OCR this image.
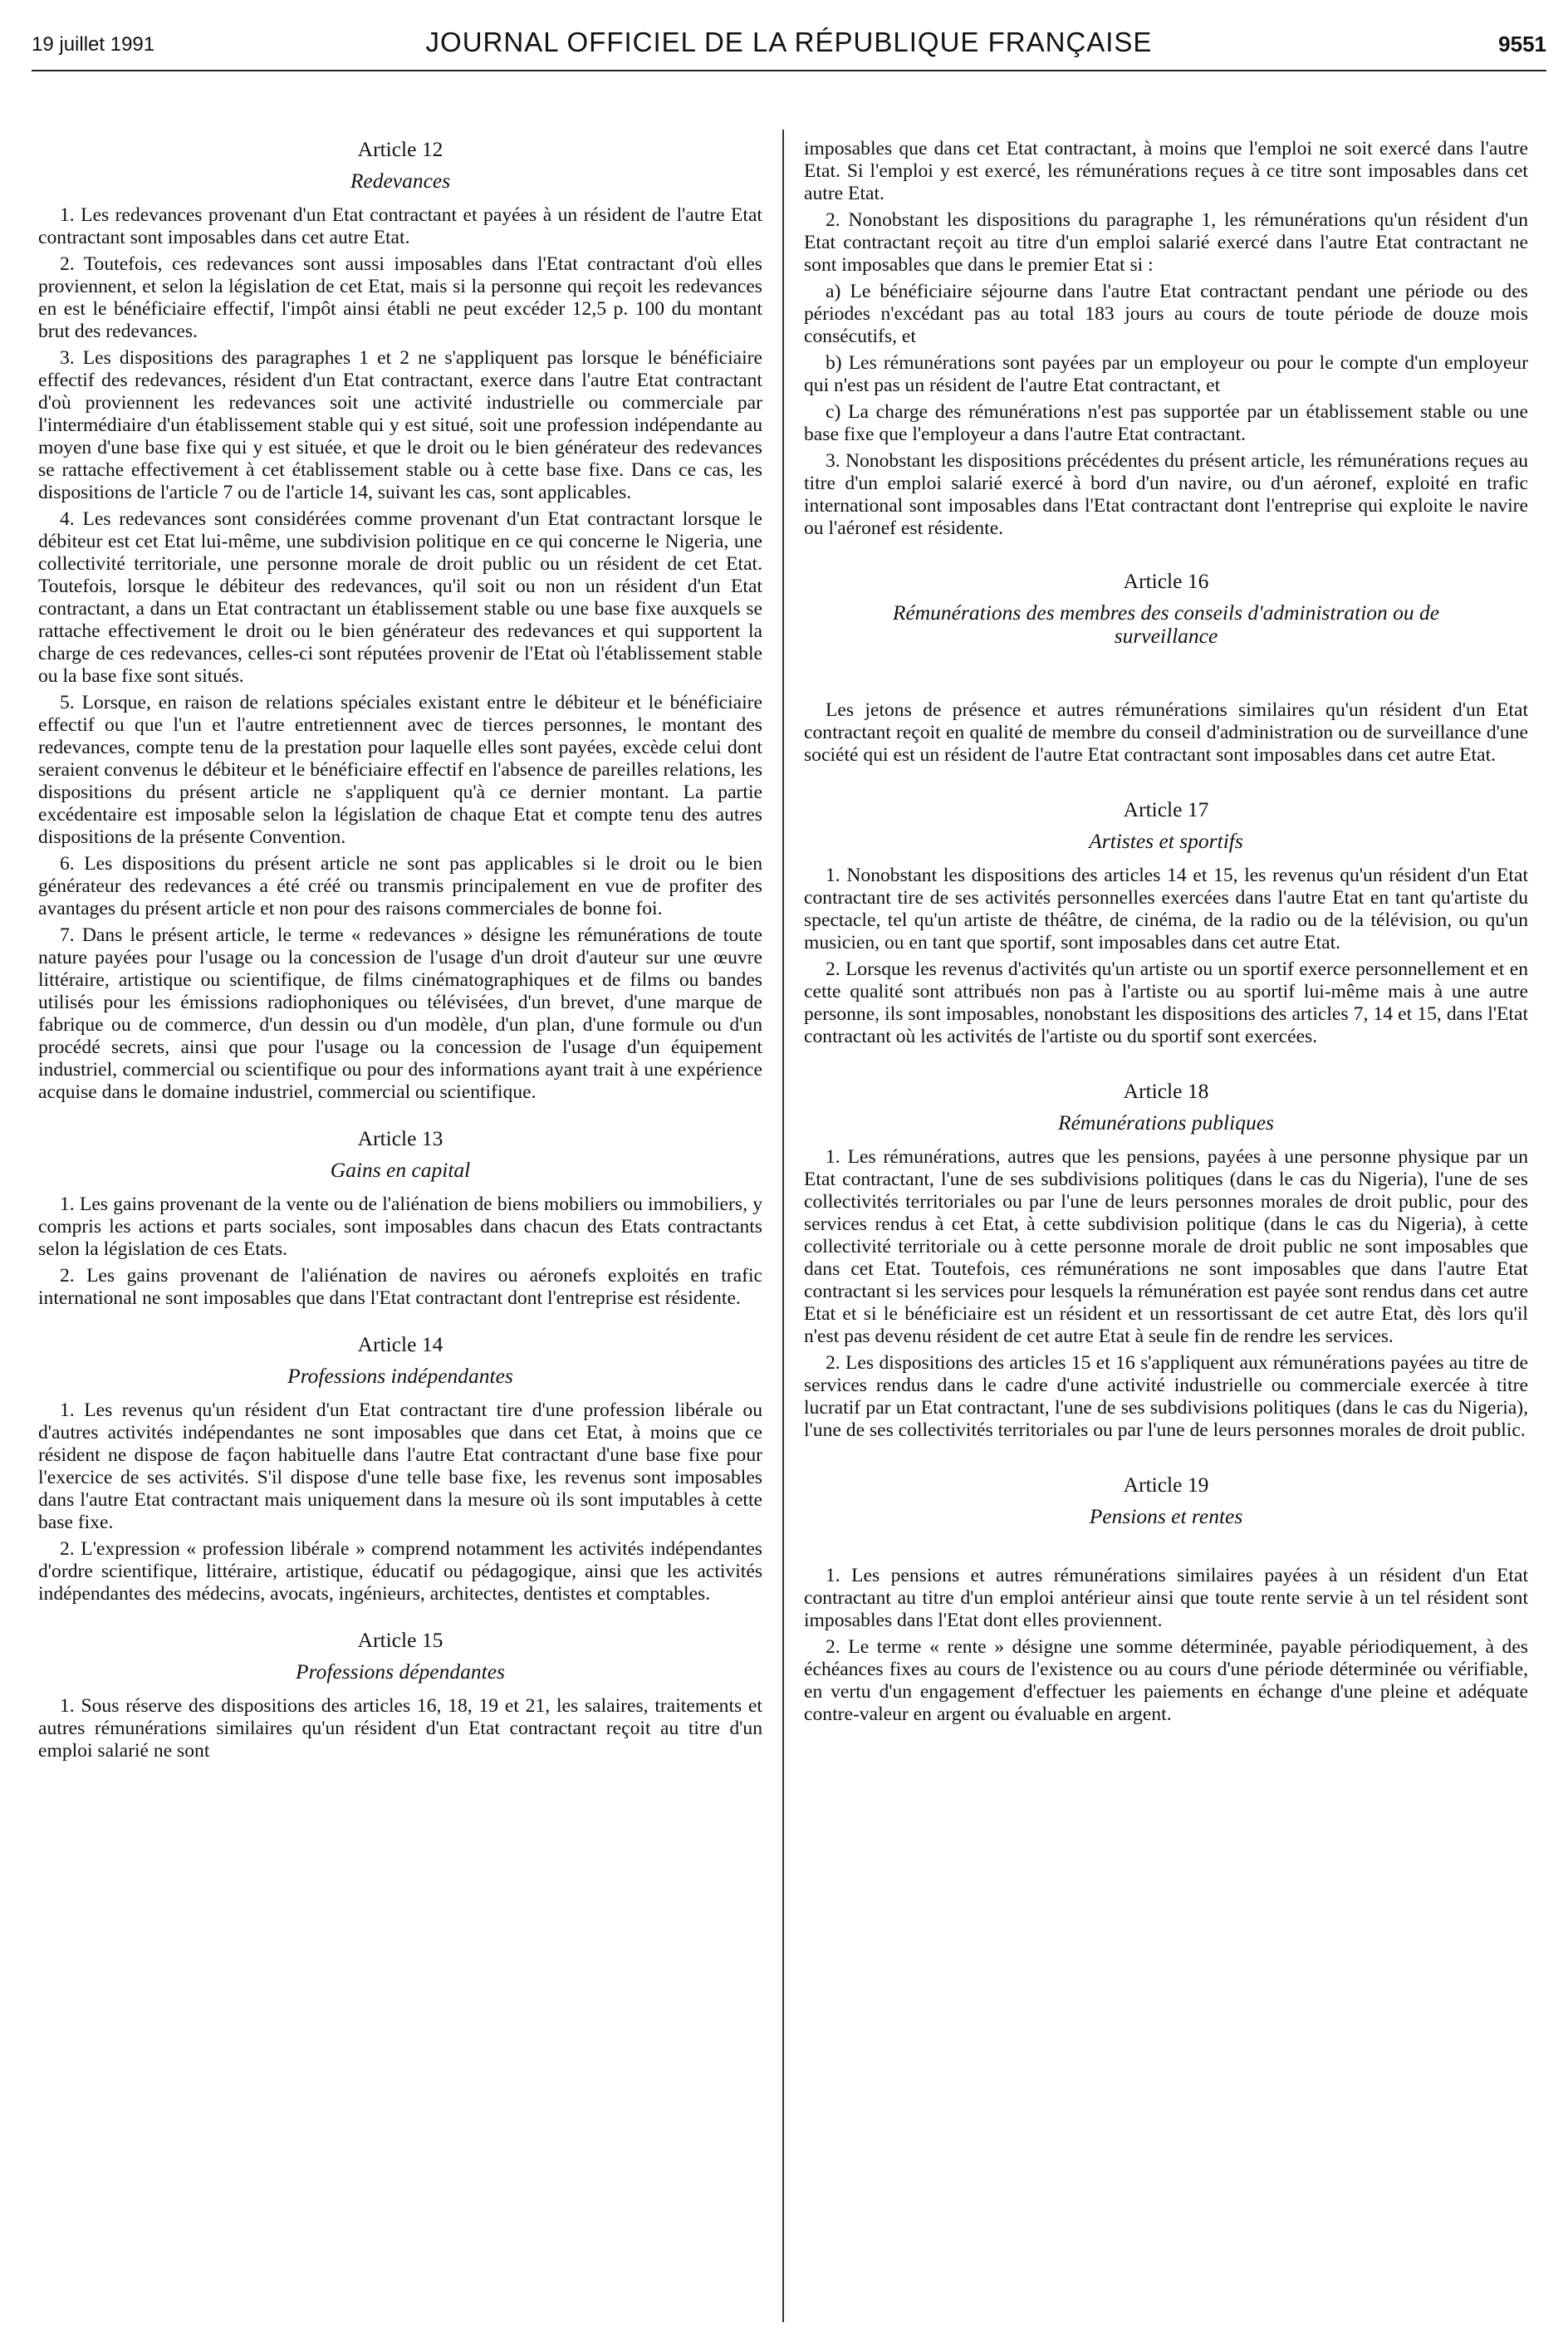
19 juillet 1991	JOURNAL OFFICIEL DE LA RÉPUBLIQUE FRANÇAISE	9551
Article 12
Redevances

1. Les redevances provenant d'un Etat contractant et payées à un résident de l'autre Etat contractant sont imposables dans cet autre Etat.

2. Toutefois, ces redevances sont aussi imposables dans l'Etat contractant d'où elles proviennent, et selon la législation de cet Etat, mais si la personne qui reçoit les redevances en est le bénéficiaire effectif, l'impôt ainsi établi ne peut excéder 12,5 p. 100 du montant brut des redevances.

3. Les dispositions des paragraphes 1 et 2 ne s'appliquent pas lorsque le bénéficiaire effectif des redevances, résident d'un Etat contractant, exerce dans l'autre Etat contractant d'où proviennent les redevances soit une activité industrielle ou commerciale par l'intermédiaire d'un établissement stable qui y est situé, soit une profession indépendante au moyen d'une base fixe qui y est située, et que le droit ou le bien générateur des redevances se rattache effectivement à cet établissement stable ou à cette base fixe. Dans ce cas, les dispositions de l'article 7 ou de l'article 14, suivant les cas, sont applicables.

4. Les redevances sont considérées comme provenant d'un Etat contractant lorsque le débiteur est cet Etat lui-même, une subdivision politique en ce qui concerne le Nigeria, une collectivité territoriale, une personne morale de droit public ou un résident de cet Etat. Toutefois, lorsque le débiteur des redevances, qu'il soit ou non un résident d'un Etat contractant, a dans un Etat contractant un établissement stable ou une base fixe auxquels se rattache effectivement le droit ou le bien générateur des redevances et qui supportent la charge de ces redevances, celles-ci sont réputées provenir de l'Etat où l'établissement stable ou la base fixe sont situés.

5. Lorsque, en raison de relations spéciales existant entre le débiteur et le bénéficiaire effectif ou que l'un et l'autre entretiennent avec de tierces personnes, le montant des redevances, compte tenu de la prestation pour laquelle elles sont payées, excède celui dont seraient convenus le débiteur et le bénéficiaire effectif en l'absence de pareilles relations, les dispositions du présent article ne s'appliquent qu'à ce dernier montant. La partie excédentaire est imposable selon la législation de chaque Etat et compte tenu des autres dispositions de la présente Convention.

6. Les dispositions du présent article ne sont pas applicables si le droit ou le bien générateur des redevances a été créé ou transmis principalement en vue de profiter des avantages du présent article et non pour des raisons commerciales de bonne foi.

7. Dans le présent article, le terme « redevances » désigne les rémunérations de toute nature payées pour l'usage ou la concession de l'usage d'un droit d'auteur sur une œuvre littéraire, artistique ou scientifique, de films cinématographiques et de films ou bandes utilisés pour les émissions radiophoniques ou télévisées, d'un brevet, d'une marque de fabrique ou de commerce, d'un dessin ou d'un modèle, d'un plan, d'une formule ou d'un procédé secrets, ainsi que pour l'usage ou la concession de l'usage d'un équipement industriel, commercial ou scientifique ou pour des informations ayant trait à une expérience acquise dans le domaine industriel, commercial ou scientifique.

Article 13
Gains en capital

1. Les gains provenant de la vente ou de l'aliénation de biens mobiliers ou immobiliers, y compris les actions et parts sociales, sont imposables dans chacun des Etats contractants selon la législation de ces Etats.

2. Les gains provenant de l'aliénation de navires ou aéronefs exploités en trafic international ne sont imposables que dans l'Etat contractant dont l'entreprise est résidente.

Article 14
Professions indépendantes

1. Les revenus qu'un résident d'un Etat contractant tire d'une profession libérale ou d'autres activités indépendantes ne sont imposables que dans cet Etat, à moins que ce résident ne dispose de façon habituelle dans l'autre Etat contractant d'une base fixe pour l'exercice de ses activités. S'il dispose d'une telle base fixe, les revenus sont imposables dans l'autre Etat contractant mais uniquement dans la mesure où ils sont imputables à cette base fixe.

2. L'expression « profession libérale » comprend notamment les activités indépendantes d'ordre scientifique, littéraire, artistique, éducatif ou pédagogique, ainsi que les activités indépendantes des médecins, avocats, ingénieurs, architectes, dentistes et comptables.

Article 15
Professions dépendantes

1. Sous réserve des dispositions des articles 16, 18, 19 et 21, les salaires, traitements et autres rémunérations similaires qu'un résident d'un Etat contractant reçoit au titre d'un emploi salarié ne sont

imposables que dans cet Etat contractant, à moins que l'emploi ne soit exercé dans l'autre Etat. Si l'emploi y est exercé, les rémunérations reçues à ce titre sont imposables dans cet autre Etat.

2. Nonobstant les dispositions du paragraphe 1, les rémunérations qu'un résident d'un Etat contractant reçoit au titre d'un emploi salarié exercé dans l'autre Etat contractant ne sont imposables que dans le premier Etat si :

a) Le bénéficiaire séjourne dans l'autre Etat contractant pendant une période ou des périodes n'excédant pas au total 183 jours au cours de toute période de douze mois consécutifs, et

b) Les rémunérations sont payées par un employeur ou pour le compte d'un employeur qui n'est pas un résident de l'autre Etat contractant, et

c) La charge des rémunérations n'est pas supportée par un établissement stable ou une base fixe que l'employeur a dans l'autre Etat contractant.

3. Nonobstant les dispositions précédentes du présent article, les rémunérations reçues au titre d'un emploi salarié exercé à bord d'un navire, ou d'un aéronef, exploité en trafic international sont imposables dans l'Etat contractant dont l'entreprise qui exploite le navire ou l'aéronef est résidente.

Article 16
Rémunérations des membres des conseils d'administration ou de surveillance

Les jetons de présence et autres rémunérations similaires qu'un résident d'un Etat contractant reçoit en qualité de membre du conseil d'administration ou de surveillance d'une société qui est un résident de l'autre Etat contractant sont imposables dans cet autre Etat.

Article 17
Artistes et sportifs

1. Nonobstant les dispositions des articles 14 et 15, les revenus qu'un résident d'un Etat contractant tire de ses activités personnelles exercées dans l'autre Etat en tant qu'artiste du spectacle, tel qu'un artiste de théâtre, de cinéma, de la radio ou de la télévision, ou qu'un musicien, ou en tant que sportif, sont imposables dans cet autre Etat.

2. Lorsque les revenus d'activités qu'un artiste ou un sportif exerce personnellement et en cette qualité sont attribués non pas à l'artiste ou au sportif lui-même mais à une autre personne, ils sont imposables, nonobstant les dispositions des articles 7, 14 et 15, dans l'Etat contractant où les activités de l'artiste ou du sportif sont exercées.

Article 18
Rémunérations publiques

1. Les rémunérations, autres que les pensions, payées à une personne physique par un Etat contractant, l'une de ses subdivisions politiques (dans le cas du Nigeria), l'une de ses collectivités territoriales ou par l'une de leurs personnes morales de droit public, pour des services rendus à cet Etat, à cette subdivision politique (dans le cas du Nigeria), à cette collectivité territoriale ou à cette personne morale de droit public ne sont imposables que dans cet Etat. Toutefois, ces rémunérations ne sont imposables que dans l'autre Etat contractant si les services pour lesquels la rémunération est payée sont rendus dans cet autre Etat et si le bénéficiaire est un résident et un ressortissant de cet autre Etat, dès lors qu'il n'est pas devenu résident de cet autre Etat à seule fin de rendre les services.

2. Les dispositions des articles 15 et 16 s'appliquent aux rémunérations payées au titre de services rendus dans le cadre d'une activité industrielle ou commerciale exercée à titre lucratif par un Etat contractant, l'une de ses subdivisions politiques (dans le cas du Nigeria), l'une de ses collectivités territoriales ou par l'une de leurs personnes morales de droit public.

Article 19
Pensions et rentes

1. Les pensions et autres rémunérations similaires payées à un résident d'un Etat contractant au titre d'un emploi antérieur ainsi que toute rente servie à un tel résident sont imposables dans l'Etat dont elles proviennent.

2. Le terme « rente » désigne une somme déterminée, payable périodiquement, à des échéances fixes au cours de l'existence ou au cours d'une période déterminée ou vérifiable, en vertu d'un engagement d'effectuer les paiements en échange d'une pleine et adéquate contre-valeur en argent ou évaluable en argent.
